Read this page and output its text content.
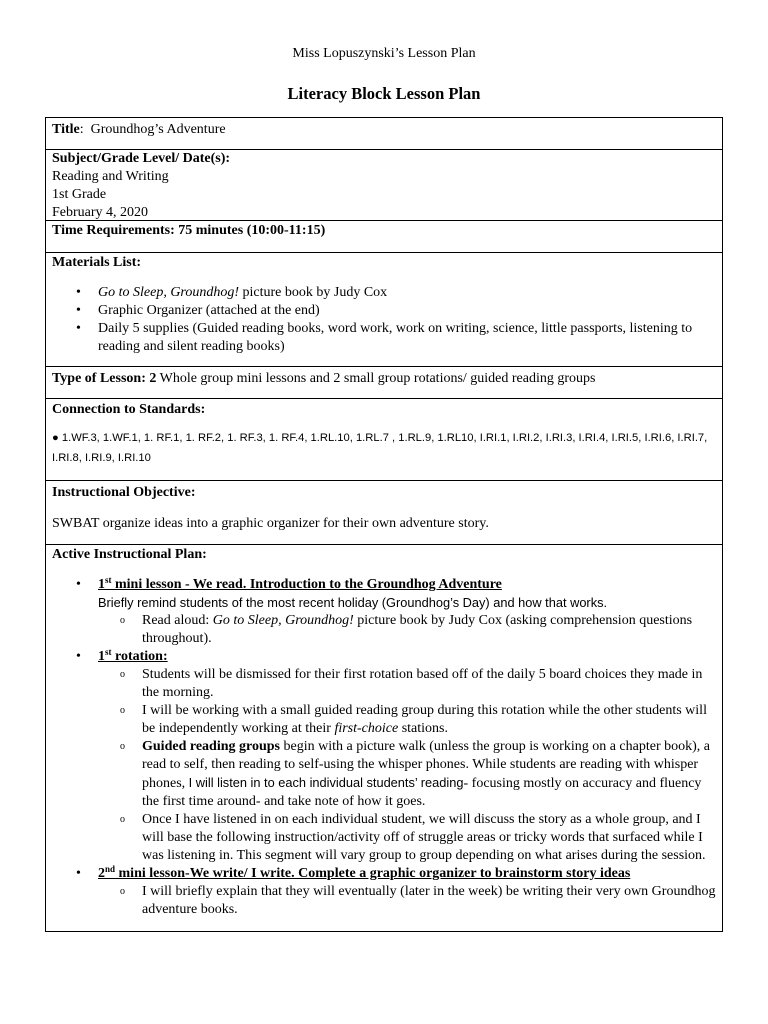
Miss Lopuszynski’s Lesson Plan
Literacy Block Lesson Plan
Title: Groundhog’s Adventure
Subject/Grade Level/ Date(s):
Reading and Writing
1st Grade
February 4, 2020
Time Requirements: 75 minutes (10:00-11:15)
Materials List:
• Go to Sleep, Groundhog! picture book by Judy Cox
• Graphic Organizer (attached at the end)
• Daily 5 supplies (Guided reading books, word work, work on writing, science, little passports, listening to reading and silent reading books)
Type of Lesson: 2 Whole group mini lessons and 2 small group rotations/ guided reading groups
Connection to Standards:
● 1.WF.3, 1.WF.1, 1. RF.1, 1. RF.2, 1. RF.3, 1. RF.4, 1.RL.10, 1.RL.7 , 1.RL.9, 1.RL10, I.RI.1, I.RI.2, I.RI.3, I.RI.4, I.RI.5, I.RI.6, I.RI.7, I.RI.8, I.RI.9, I.RI.10
Instructional Objective:
SWBAT organize ideas into a graphic organizer for their own adventure story.
Active Instructional Plan:
• 1st mini lesson - We read. Introduction to the Groundhog Adventure
Briefly remind students of the most recent holiday (Groundhog’s Day) and how that works.
o Read aloud: Go to Sleep, Groundhog! picture book by Judy Cox (asking comprehension questions throughout).
• 1st rotation:
o Students will be dismissed for their first rotation based off of the daily 5 board choices they made in the morning.
o I will be working with a small guided reading group during this rotation while the other students will be independently working at their first-choice stations.
o Guided reading groups begin with a picture walk (unless the group is working on a chapter book), a read to self, then reading to self-using the whisper phones. While students are reading with whisper phones, I will listen in to each individual students’ reading- focusing mostly on accuracy and fluency the first time around- and take note of how it goes.
o Once I have listened in on each individual student, we will discuss the story as a whole group, and I will base the following instruction/activity off of struggle areas or tricky words that surfaced while I was listening in. This segment will vary group to group depending on what arises during the session.
• 2nd mini lesson-We write/ I write. Complete a graphic organizer to brainstorm story ideas
o I will briefly explain that they will eventually (later in the week) be writing their very own Groundhog adventure books.
